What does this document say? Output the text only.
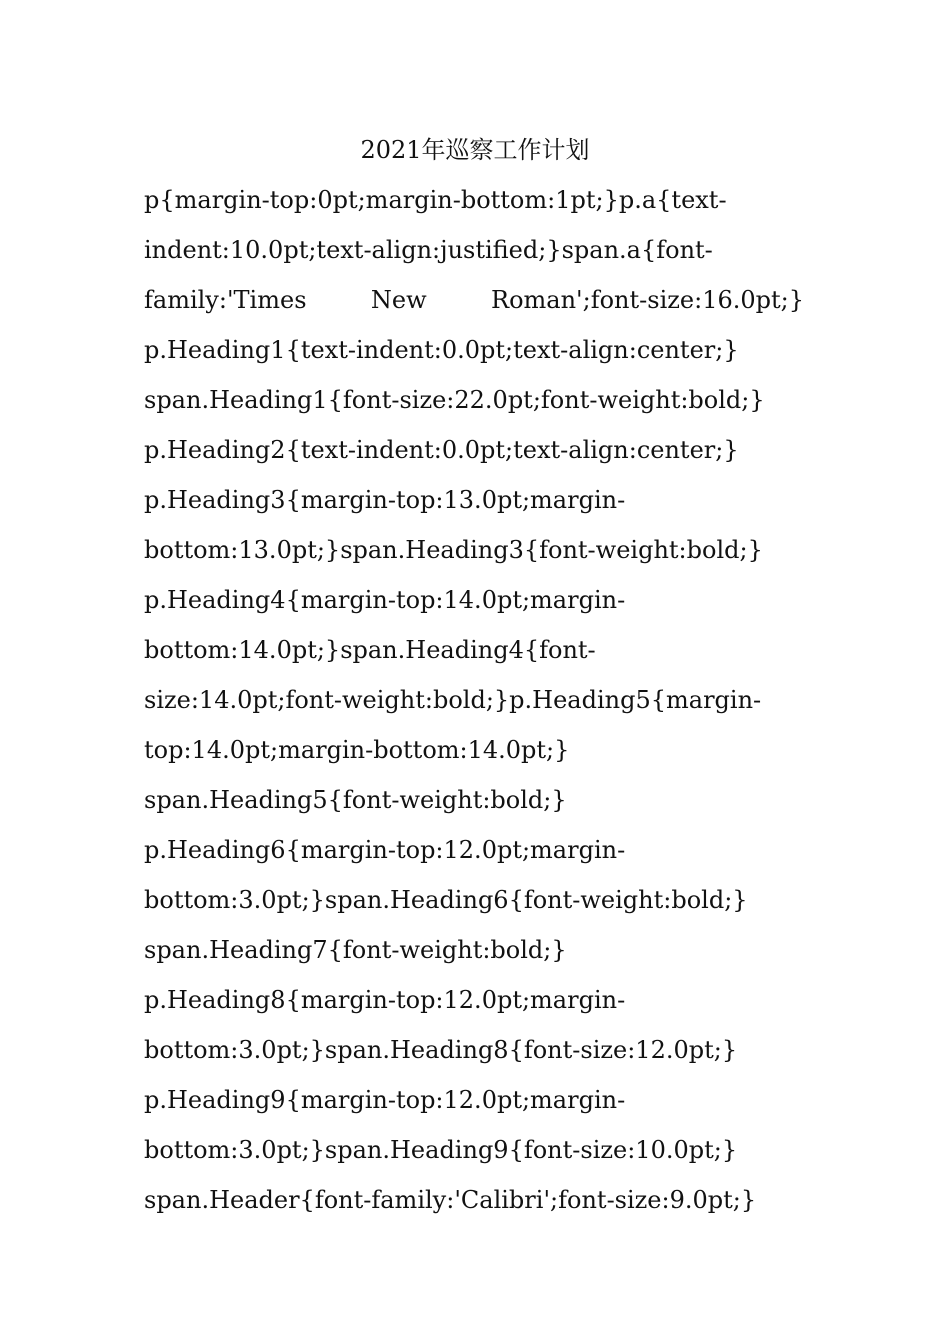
2021年巡察工作计划

p{margin-top:0pt;margin-bottom:1pt;}p.a{text-

indent:10.0pt;text-align:justified;}span.a{font-

family:'Times New Roman';font-size:16.0pt;}

p.Heading1{text-indent:0.0pt;text-align:center;}

span.Heading1{font-size:22.0pt;font-weight:bold;}

p.Heading2{text-indent:0.0pt;text-align:center;}

p.Heading3{margin-top:13.0pt;margin-

bottom:13.0pt;}span.Heading3{font-weight:bold;}

p.Heading4{margin-top:14.0pt;margin-

bottom:14.0pt;}span.Heading4{font-

size:14.0pt;font-weight:bold;}p.Heading5{margin-

top:14.0pt;margin-bottom:14.0pt;}

span.Heading5{font-weight:bold;}

p.Heading6{margin-top:12.0pt;margin-

bottom:3.0pt;}span.Heading6{font-weight:bold;}

span.Heading7{font-weight:bold;}

p.Heading8{margin-top:12.0pt;margin-

bottom:3.0pt;}span.Heading8{font-size:12.0pt;}

p.Heading9{margin-top:12.0pt;margin-

bottom:3.0pt;}span.Heading9{font-size:10.0pt;}

span.Header{font-family:'Calibri';font-size:9.0pt;}
